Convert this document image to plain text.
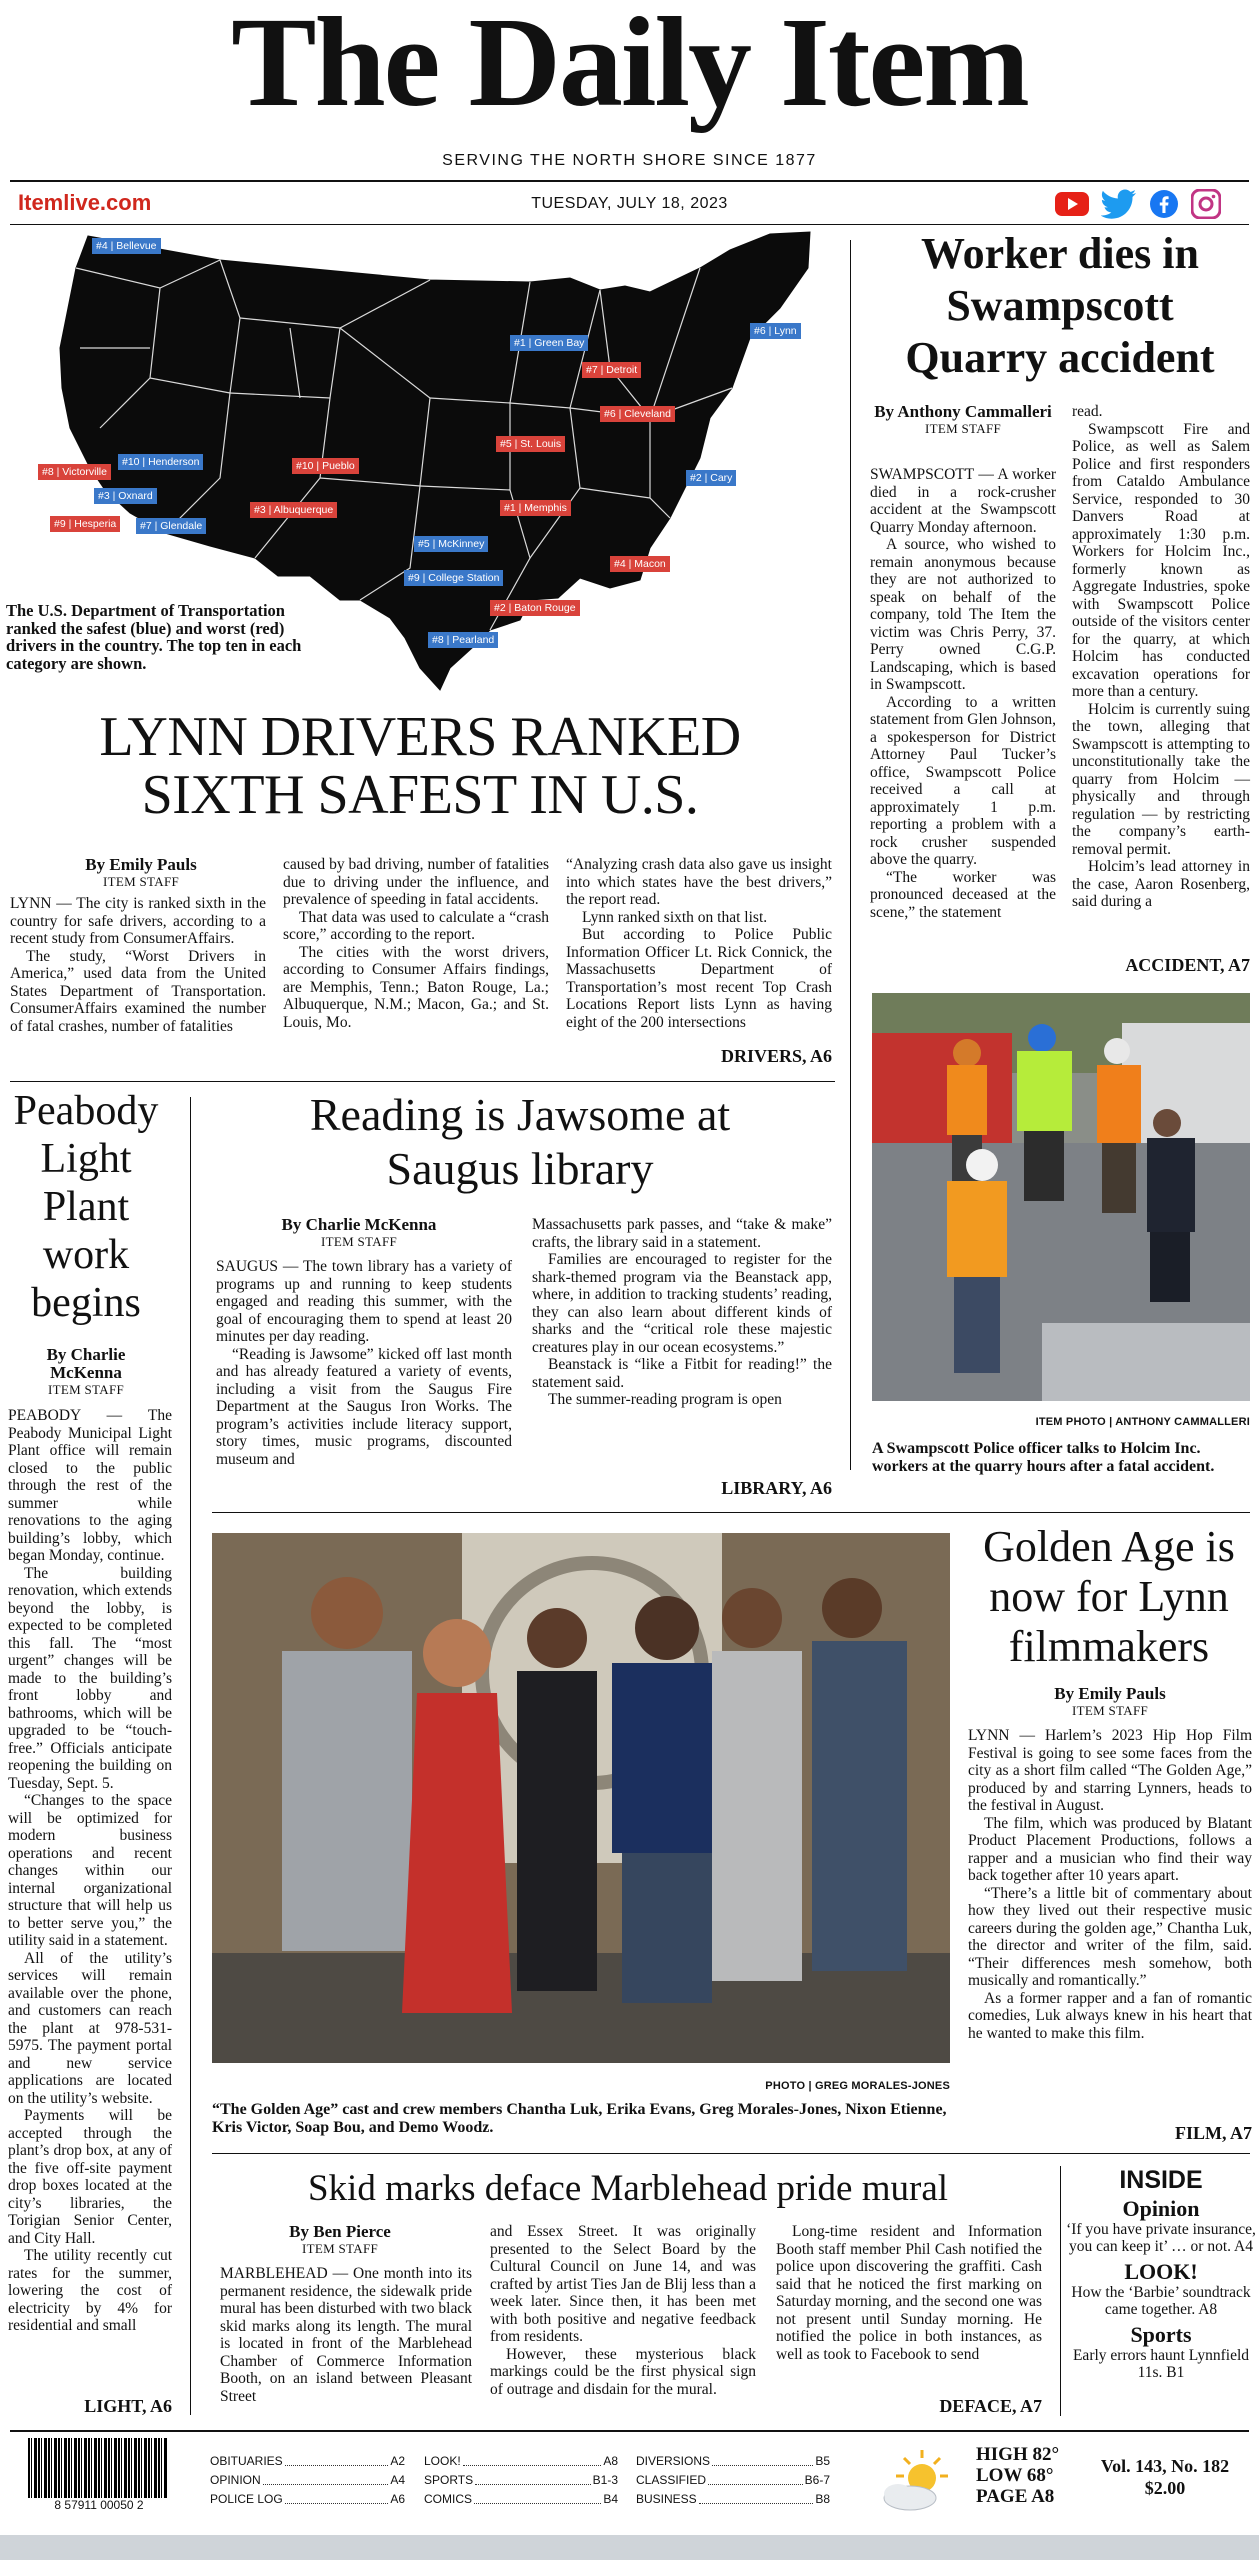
The Daily Item
SERVING THE NORTH SHORE SINCE 1877
Itemlive.com	TUESDAY, JULY 18, 2023
#4 | Bellevue
#1 | Green Bay
#7 | Detroit
#6 | Lynn
#6 | Cleveland
#5 | St. Louis
#10 | Henderson
#8 | Victorville	#10 | Pueblo
#2 | Cary
#3 | Oxnard
#9 | Hesperia	#7 | Glendale
#3 | Albuquerque	#1 | Memphis
#5 | McKinney
#4 | Macon
#9 | College Station
#2 | Baton Rouge
#8 | Pearland
The U.S. Department of Transportation ranked the safest (blue) and worst (red) drivers in the country. The top ten in each category are shown.
LYNN DRIVERS RANKED SIXTH SAFEST IN U.S.
By Emily Pauls
ITEM STAFF

LYNN — The city is ranked sixth in the country for safe drivers, according to a recent study from ConsumerAffairs.

The study, “Worst Drivers in America,” used data from the United States Department of Transportation. ConsumerAffairs examined the number of fatal crashes, number of fatalities

caused by bad driving, number of fatalities due to driving under the influence, and prevalence of speeding in fatal accidents.

That data was used to calculate a “crash score,” according to the report.

The cities with the worst drivers, according to Consumer Affairs findings, are Memphis, Tenn.; Baton Rouge, La.; Albuquerque, N.M.; Macon, Ga.; and St. Louis, Mo.

“Analyzing crash data also gave us insight into which states have the best drivers,” the report read.

Lynn ranked sixth on that list.

But according to Police Public Information Officer Lt. Rick Connick, the Massachusetts Department of Transportation’s most recent Top Crash Locations Report lists Lynn as having eight of the 200 intersections

DRIVERS, A6
Worker dies in Swampscott Quarry accident
By Anthony Cammalleri
ITEM STAFF

SWAMPSCOTT — A worker died in a rock-crusher accident at the Swampscott Quarry Monday afternoon.

A source, who wished to remain anonymous because they are not authorized to speak on behalf of the company, told The Item the victim was Chris Perry, 37. Perry owned C.G.P. Landscaping, which is based in Swampscott.

According to a written statement from Glen Johnson, a spokesperson for District Attorney Paul Tucker’s office, Swampscott Police received a call at approximately 1 p.m. reporting a problem with a rock crusher suspended above the quarry.

“The worker was pronounced deceased at the scene,” the statement

read.

Swampscott Fire and Police, as well as Salem Police and first responders from Cataldo Ambulance Service, responded to 30 Danvers Road at approximately 1:30 p.m. Workers for Holcim Inc., formerly known as Aggregate Industries, spoke with Swampscott Police outside of the visitors center for the quarry, at which Holcim has conducted excavation operations for more than a century.

Holcim is currently suing the town, alleging that Swampscott is attempting to unconstitutionally take the quarry from Holcim — physically and through regulation — by restricting the company’s earth-removal permit.

Holcim’s lead attorney in the case, Aaron Rosenberg, said during a

ACCIDENT, A7
ITEM PHOTO | ANTHONY CAMMALLERI
A Swampscott Police officer talks to Holcim Inc. workers at the quarry hours after a fatal accident.
Peabody Light Plant work begins
By Charlie McKenna
ITEM STAFF

PEABODY — The Peabody Municipal Light Plant office will remain closed to the public through the rest of the summer while renovations to the aging building’s lobby, which began Monday, continue.

The building renovation, which extends beyond the lobby, is expected to be completed this fall. The “most urgent” changes will be made to the building’s front lobby and bathrooms, which will be upgraded to be “touch-free.” Officials anticipate reopening the building on Tuesday, Sept. 5.

“Changes to the space will be optimized for modern business operations and recent changes within our internal organizational structure that will help us to better serve you,” the utility said in a statement.

All of the utility’s services will remain available over the phone, and customers can reach the plant at 978-531-5975. The payment portal and new service applications are located on the utility’s website.

Payments will be accepted through the plant’s drop box, at any of the five off-site payment drop boxes located at the city’s libraries, the Torigian Senior Center, and City Hall.

The utility recently cut rates for the summer, lowering the cost of electricity by 4% for residential and small

LIGHT, A6
Reading is Jawsome at Saugus library
By Charlie McKenna
ITEM STAFF

SAUGUS — The town library has a variety of programs up and running to keep students engaged and reading this summer, with the goal of encouraging them to spend at least 20 minutes per day reading.

“Reading is Jawsome” kicked off last month and has already featured a variety of events, including a visit from the Saugus Fire Department at the Saugus Iron Works. The program’s activities include literacy support, story times, music programs, discounted museum and

Massachusetts park passes, and “take & make” crafts, the library said in a statement.

Families are encouraged to register for the shark-themed program via the Beanstack app, where, in addition to tracking students’ reading, they can also learn about different kinds of sharks and the “critical role these majestic creatures play in our ocean ecosystems.”

Beanstack is “like a Fitbit for reading!” the statement said.

The summer-reading program is open

LIBRARY, A6
PHOTO | GREG MORALES-JONES
“The Golden Age” cast and crew members Chantha Luk, Erika Evans, Greg Morales-Jones, Nixon Etienne, Kris Victor, Soap Bou, and Demo Woodz.
Golden Age is now for Lynn filmmakers
By Emily Pauls
ITEM STAFF

LYNN — Harlem’s 2023 Hip Hop Film Festival is going to see some faces from the city as a short film called “The Golden Age,” produced by and starring Lynners, heads to the festival in August.

The film, which was produced by Blatant Product Placement Productions, follows a rapper and a musician who find their way back together after 10 years apart.

“There’s a little bit of commentary about how they lived out their respective music careers during the golden age,” Chantha Luk, the director and writer of the film, said. “Their differences mesh somehow, both musically and romantically.”

As a former rapper and a fan of romantic comedies, Luk always knew in his heart that he wanted to make this film.

FILM, A7
Skid marks deface Marblehead pride mural
By Ben Pierce
ITEM STAFF

MARBLEHEAD — One month into its permanent residence, the sidewalk pride mural has been disturbed with two black skid marks along its length. The mural is located in front of the Marblehead Chamber of Commerce Information Booth, on an island between Pleasant Street

and Essex Street. It was originally presented to the Select Board by the Cultural Council on June 14, and was crafted by artist Ties Jan de Blij less than a week later. Since then, it has been met with both positive and negative feedback from residents.

However, these mysterious black markings could be the first physical sign of outrage and disdain for the mural.

Long-time resident and Information Booth staff member Phil Cash notified the police upon discovering the graffiti. Cash said that he noticed the first marking on Saturday morning, and the second one was not present until Sunday morning. He notified the police in both instances, as well as took to Facebook to send

DEFACE, A7
INSIDE
Opinion
‘If you have private insurance, you can keep it’ … or not. A4
LOOK!
How the ‘Barbie’ soundtrack came together. A8
Sports
Early errors haunt Lynnfield 11s. B1
8 57911 00050 2
OBITUARIES	A2
OPINION	A4
POLICE LOG	A6
LOOK!	A8
SPORTS	B1-3
COMICS	B4
DIVERSIONS	B5
CLASSIFIED	B6-7
BUSINESS	B8
HIGH 82°
LOW 68°
PAGE A8
Vol. 143, No. 182
$2.00
